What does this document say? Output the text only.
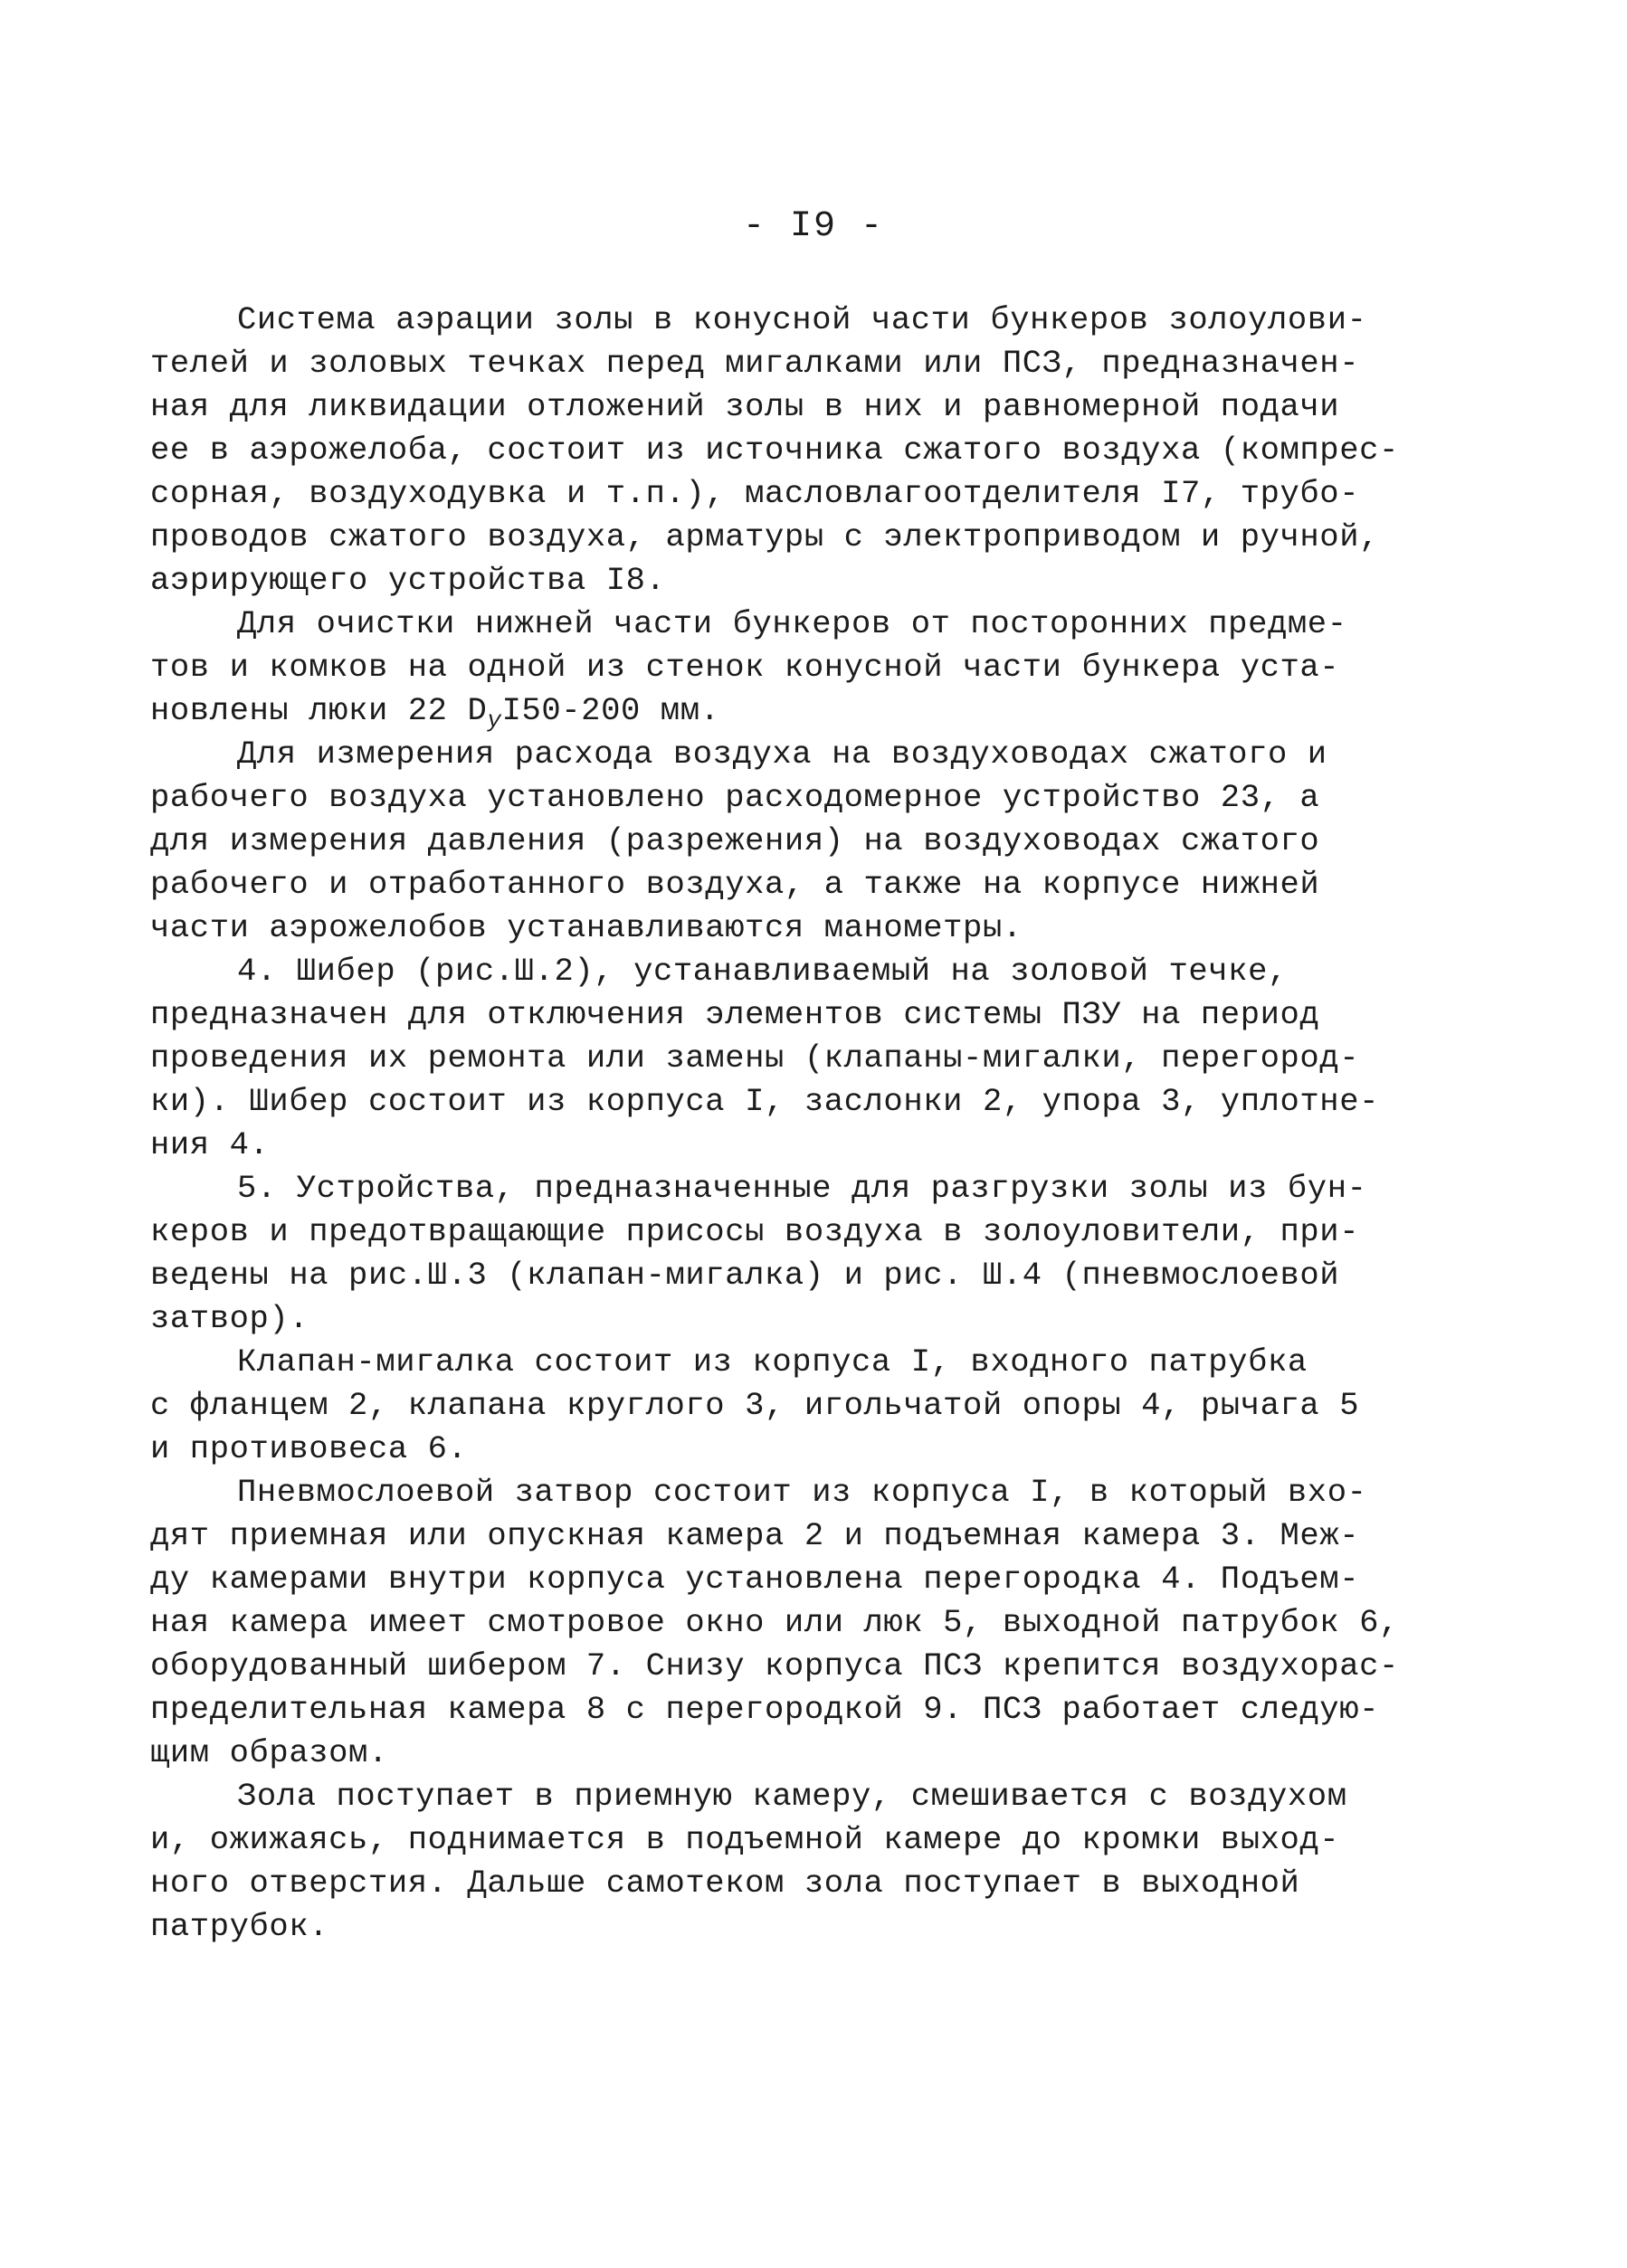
- I9 -
Система аэрации золы в конусной части бункеров золоулови-
телей и золовых течках перед мигалками или ПСЗ, предназначен-
ная для ликвидации отложений золы в них и равномерной подачи
ее в аэрожелоба, состоит из источника сжатого воздуха (компрес-
сорная, воздуходувка и т.п.), масловлагоотделителя I7, трубо-
проводов сжатого воздуха, арматуры с электроприводом и ручной,
аэрирующего устройства I8.
Для очистки нижней части бункеров от посторонних предме-
тов и комков на одной из стенок конусной части бункера уста-
новлены люки 22 $D_yI50-200$ мм.
Для измерения расхода воздуха на воздуховодах сжатого и
рабочего воздуха установлено расходомерное устройство 23, а
для измерения давления (разрежения) на воздуховодах сжатого
рабочего и отработанного воздуха, а также на корпусе нижней
части аэрожелобов устанавливаются манометры.
4. Шибер (рис.Ш.2), устанавливаемый на золовой течке,
предназначен для отключения элементов системы ПЗУ на период
проведения их ремонта или замены (клапаны-мигалки, перегород-
ки). Шибер состоит из корпуса I, заслонки 2, упора 3, уплотне-
ния 4.
5. Устройства, предназначенные для разгрузки золы из бун-
керов и предотвращающие присосы воздуха в золоуловители, при-
ведены на рис.Ш.3 (клапан-мигалка) и рис. Ш.4 (пневмослоевой
затвор).
Клапан-мигалка состоит из корпуса I, входного патрубка
с фланцем 2, клапана круглого 3, игольчатой опоры 4, рычага 5
и противовеса 6.
Пневмослоевой затвор состоит из корпуса I, в который вхо-
дят приемная или опускная камера 2 и подъемная камера 3. Меж-
ду камерами внутри корпуса установлена перегородка 4. Подъем-
ная камера имеет смотровое окно или люк 5, выходной патрубок 6,
оборудованный шибером 7. Снизу корпуса ПСЗ крепится воздухорас-
пределительная камера 8 с перегородкой 9. ПСЗ работает следую-
щим образом.
Зола поступает в приемную камеру, смешивается с воздухом
и, ожижаясь, поднимается в подъемной камере до кромки выход-
ного отверстия. Дальше самотеком зола поступает в выходной
патрубок.
